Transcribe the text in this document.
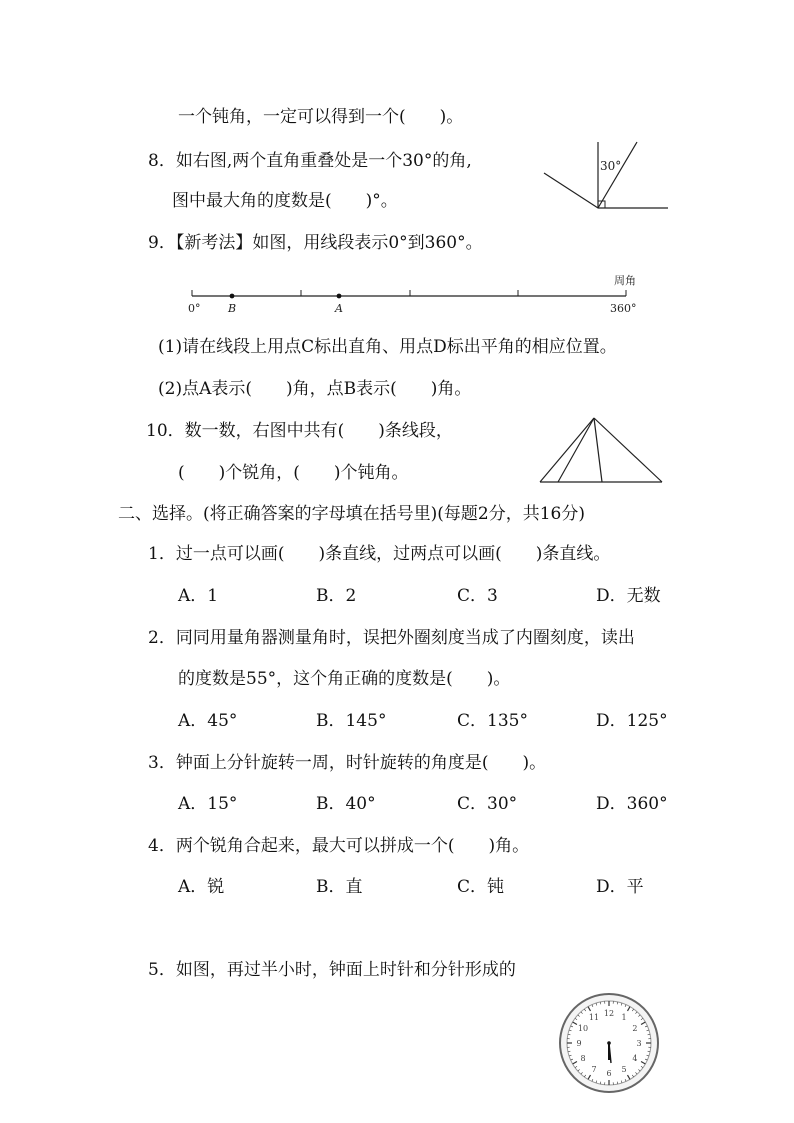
一个钝角，一定可以得到一个(　　)。
8．如右图,两个直角重叠处是一个30°的角,
图中最大角的度数是(　　)°。
30°
9．【新考法】如图，用线段表示0°到360°。
周角
0°	B	A	360°
(1)请在线段上用点C标出直角、用点D标出平角的相应位置。
(2)点A表示(　　)角，点B表示(　　)角。
10．数一数，右图中共有(　　)条线段，
(　　)个锐角，(　　)个钝角。
二、选择。(将正确答案的字母填在括号里)(每题2分，共16分)
1．过一点可以画(　　)条直线，过两点可以画(　　)条直线。
A．1	B．2	C．3	D．无数
2．同同用量角器测量角时，误把外圈刻度当成了内圈刻度，读出
的度数是55°，这个角正确的度数是(　　)。
A．45°	B．145°	C．135°	D．125°
3．钟面上分针旋转一周，时针旋转的角度是(　　)。
A．15°	B．40°	C．30°	D．360°
4．两个锐角合起来，最大可以拼成一个(　　)角。
A．锐	B．直	C．钝	D．平
5．如图，再过半小时，钟面上时针和分针形成的
12 1
2
3
4
5
6
7
8
9
10
11
